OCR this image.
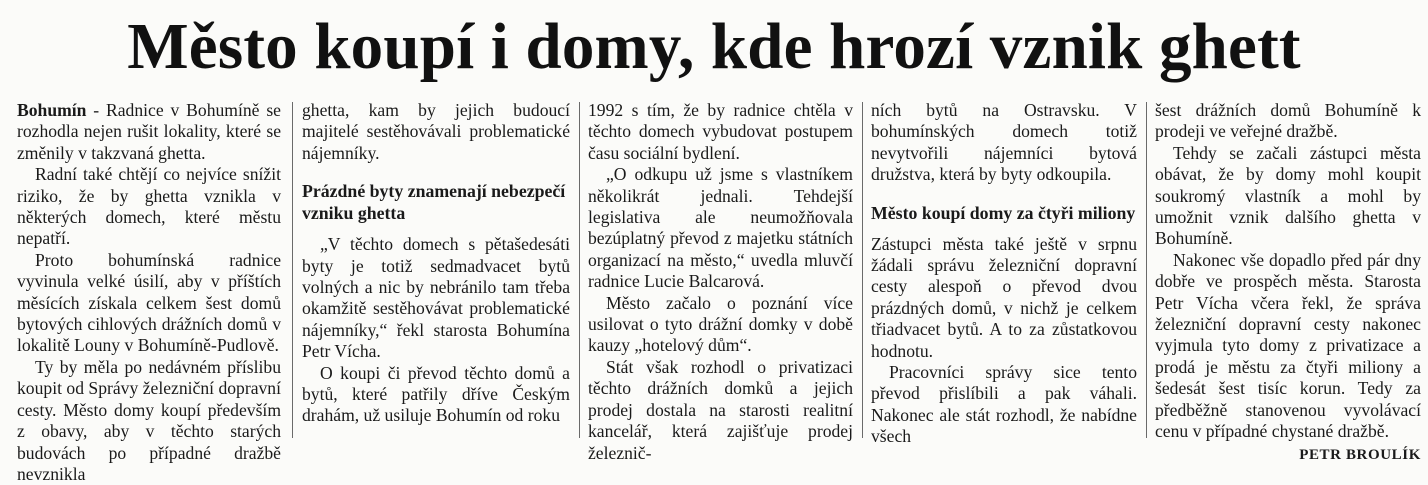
Město koupí i domy, kde hrozí vznik ghett

Bohumín - Radnice v Bohumíně se rozhodla nejen rušit lokality, které se změnily v takzvaná ghetta.

Radní také chtějí co nejvíce snížit riziko, že by ghetta vznikla v některých domech, které městu nepatří.

Proto bohumínská radnice vyvinula velké úsilí, aby v příštích měsících získala celkem šest domů bytových cihlových drážních domů v lokalitě Louny v Bohumíně-Pudlově.

Ty by měla po nedávném příslibu koupit od Správy železniční dopravní cesty. Město domy koupí především z obavy, aby v těchto starých budovách po případné dražbě nevznikla

ghetta, kam by jejich budoucí majitelé sestěhovávali problematické nájemníky.

Prázdné byty znamenají nebezpečí vzniku ghetta

„V těchto domech s pětašedesáti byty je totiž sedmadvacet bytů volných a nic by nebránilo tam třeba okamžitě sestěhovávat problematické nájemníky,“ řekl starosta Bohumína Petr Vícha.

O koupi či převod těchto domů a bytů, které patřily dříve Českým drahám, už usiluje Bohumín od roku

1992 s tím, že by radnice chtěla v těchto domech vybudovat postupem času sociální bydlení.

„O odkupu už jsme s vlastníkem několikrát jednali. Tehdejší legislativa ale neumožňovala bezúplatný převod z majetku státních organizací na město,“ uvedla mluvčí radnice Lucie Balcarová.

Město začalo o poznání více usilovat o tyto drážní domky v době kauzy „hotelový dům“.

Stát však rozhodl o privatizaci těchto drážních domků a jejich prodej dostala na starosti realitní kancelář, která zajišťuje prodej železnič-

ních bytů na Ostravsku. V bohumínských domech totiž nevytvořili nájemníci bytová družstva, která by byty odkoupila.

Město koupí domy za čtyři miliony

Zástupci města také ještě v srpnu žádali správu železniční dopravní cesty alespoň o převod dvou prázdných domů, v nichž je celkem třiadvacet bytů. A to za zůstatkovou hodnotu.

Pracovníci správy sice tento převod přislíbili a pak váhali. Nakonec ale stát rozhodl, že nabídne všech

šest drážních domů Bohumíně k prodeji ve veřejné dražbě.

Tehdy se začali zástupci města obávat, že by domy mohl koupit soukromý vlastník a mohl by umožnit vznik dalšího ghetta v Bohumíně.

Nakonec vše dopadlo před pár dny dobře ve prospěch města. Starosta Petr Vícha včera řekl, že správa železniční dopravní cesty nakonec vyjmula tyto domy z privatizace a prodá je městu za čtyři miliony a šedesát šest tisíc korun. Tedy za předběžně stanovenou vyvolávací cenu v případné chystané dražbě.

PETR BROULÍK
